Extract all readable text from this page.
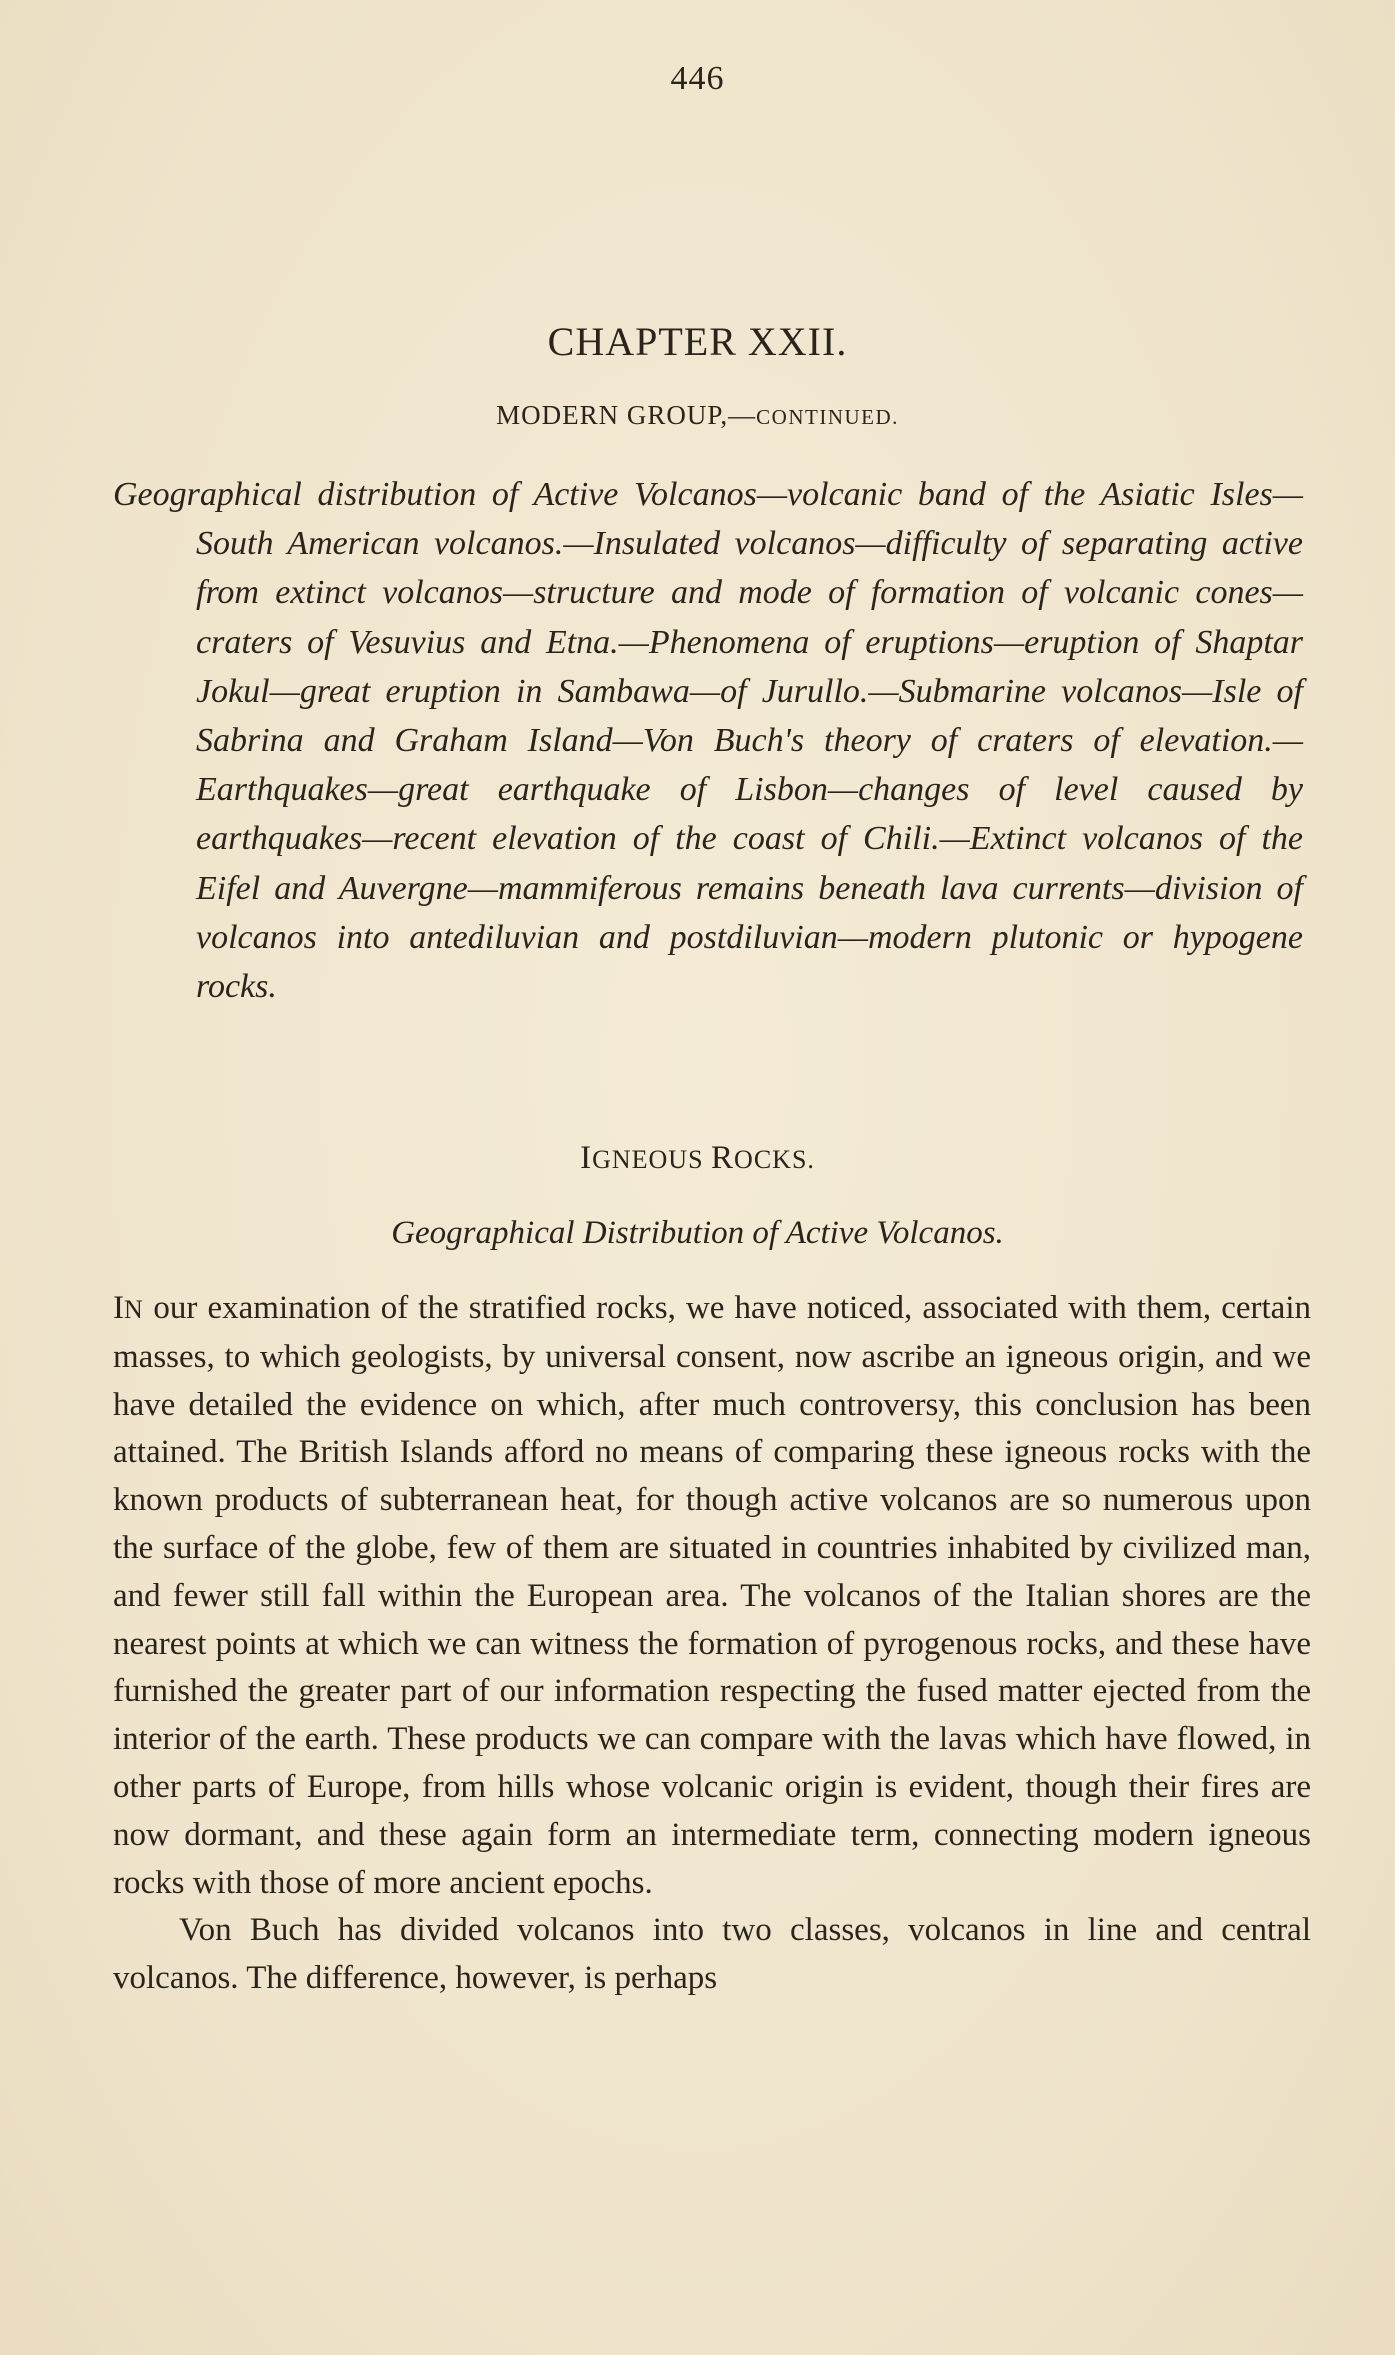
446
CHAPTER XXII.
MODERN GROUP,—CONTINUED.
Geographical distribution of Active Volcanos—volcanic band of the Asiatic Isles—South American volcanos.—Insulated volcanos—difficulty of separating active from extinct volcanos—structure and mode of formation of volcanic cones—craters of Vesuvius and Etna.—Phenomena of eruptions—eruption of Shaptar Jokul—great eruption in Sambawa—of Jurullo.—Submarine volcanos—Isle of Sabrina and Graham Island—Von Buch's theory of craters of elevation.—Earthquakes—great earthquake of Lisbon—changes of level caused by earthquakes—recent elevation of the coast of Chili.—Extinct volcanos of the Eifel and Auvergne—mammiferous remains beneath lava currents—division of volcanos into antediluvian and postdiluvian—modern plutonic or hypogene rocks.
IGNEOUS ROCKS.
Geographical Distribution of Active Volcanos.

IN our examination of the stratified rocks, we have noticed, associated with them, certain masses, to which geologists, by universal consent, now ascribe an igneous origin, and we have detailed the evidence on which, after much controversy, this conclusion has been attained. The British Islands afford no means of comparing these igneous rocks with the known products of subterranean heat, for though active volcanos are so numerous upon the surface of the globe, few of them are situated in countries inhabited by civilized man, and fewer still fall within the European area. The volcanos of the Italian shores are the nearest points at which we can witness the formation of pyrogenous rocks, and these have furnished the greater part of our information respecting the fused matter ejected from the interior of the earth. These products we can compare with the lavas which have flowed, in other parts of Europe, from hills whose volcanic origin is evident, though their fires are now dormant, and these again form an intermediate term, connecting modern igneous rocks with those of more ancient epochs.

Von Buch has divided volcanos into two classes, volcanos in line and central volcanos. The difference, however, is perhaps
